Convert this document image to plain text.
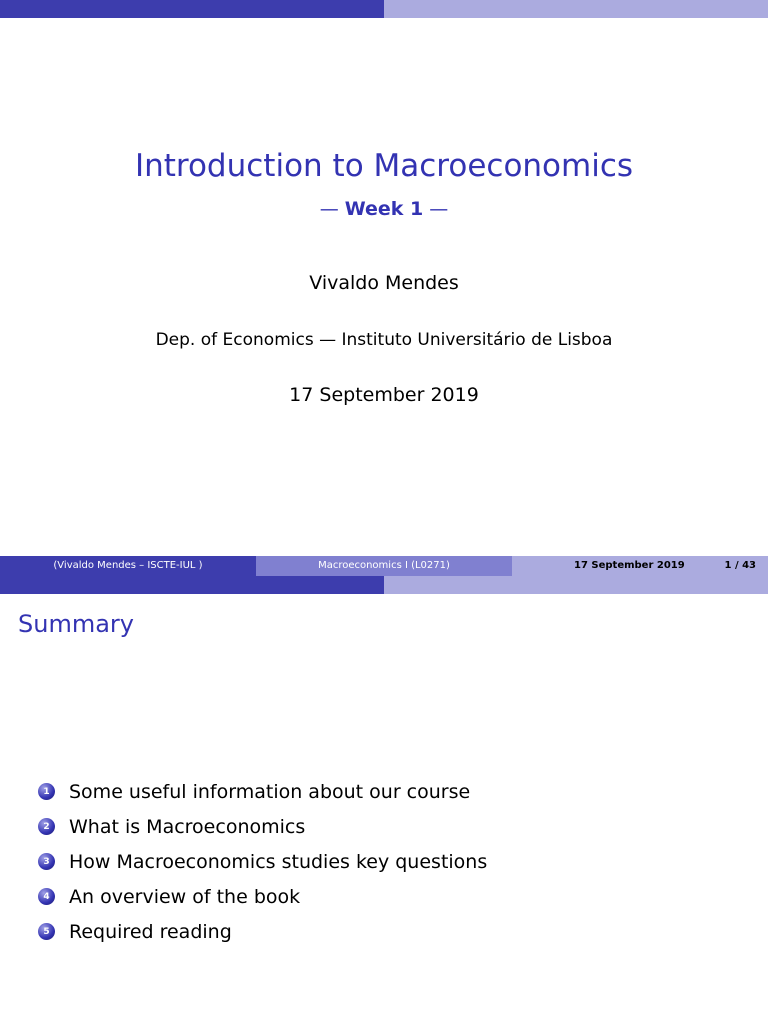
Introduction to Macroeconomics
— Week 1 —
Vivaldo Mendes
Dep. of Economics — Instituto Universitário de Lisboa
17 September 2019
(Vivaldo Mendes – ISCTE-IUL )	Macroeconomics I (L0271)	17 September 2019	1 / 43
Summary
1 Some useful information about our course
2 What is Macroeconomics
3 How Macroeconomics studies key questions
4 An overview of the book
5 Required reading
